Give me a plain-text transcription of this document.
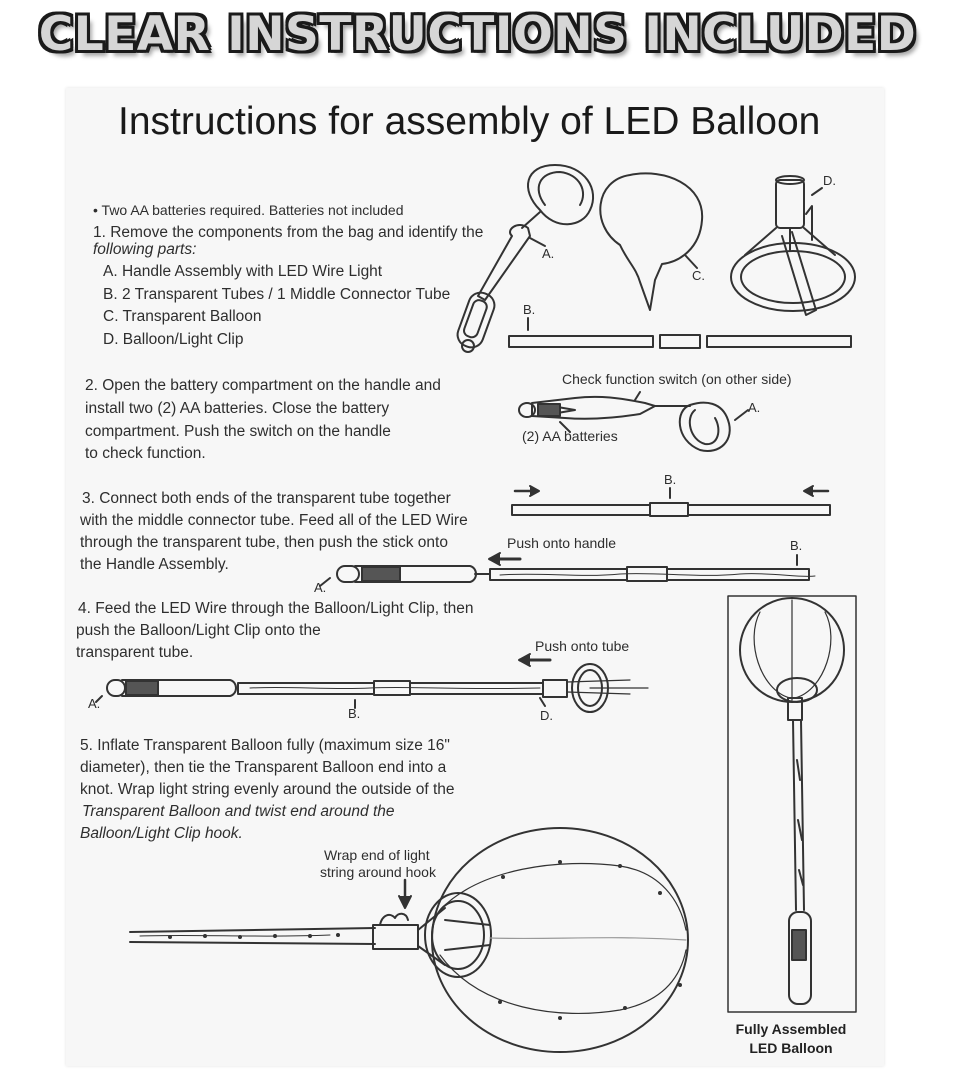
CLEAR INSTRUCTIONS INCLUDED
Instructions for assembly of LED Balloon
• Two AA batteries required. Batteries not included
1. Remove the components from the bag and identify the
following parts:
A. Handle Assembly with LED Wire Light
B. 2 Transparent Tubes / 1 Middle Connector Tube
C. Transparent Balloon
D. Balloon/Light Clip
2. Open the battery compartment on the handle and
install two (2) AA batteries. Close the battery
compartment. Push the switch on the handle
to check function.
3. Connect both ends of the transparent tube together
with the middle connector tube. Feed all of the LED Wire
through the transparent tube, then push the stick onto
the Handle Assembly.
4. Feed the LED Wire through the Balloon/Light Clip, then
push the Balloon/Light Clip onto the
transparent tube.
5. Inflate Transparent Balloon fully (maximum size 16"
diameter), then tie the Transparent Balloon end into a
knot. Wrap light string evenly around the outside of the
Transparent Balloon and twist end around the
Balloon/Light Clip hook.
A.
C.
D.
B.
Check function switch (on other side)
(2) AA batteries
A.
B.
Push onto handle	B.
A.
Push onto tube
A.
B.	D.
Wrap end of light
string around hook
Fully Assembled
LED Balloon
